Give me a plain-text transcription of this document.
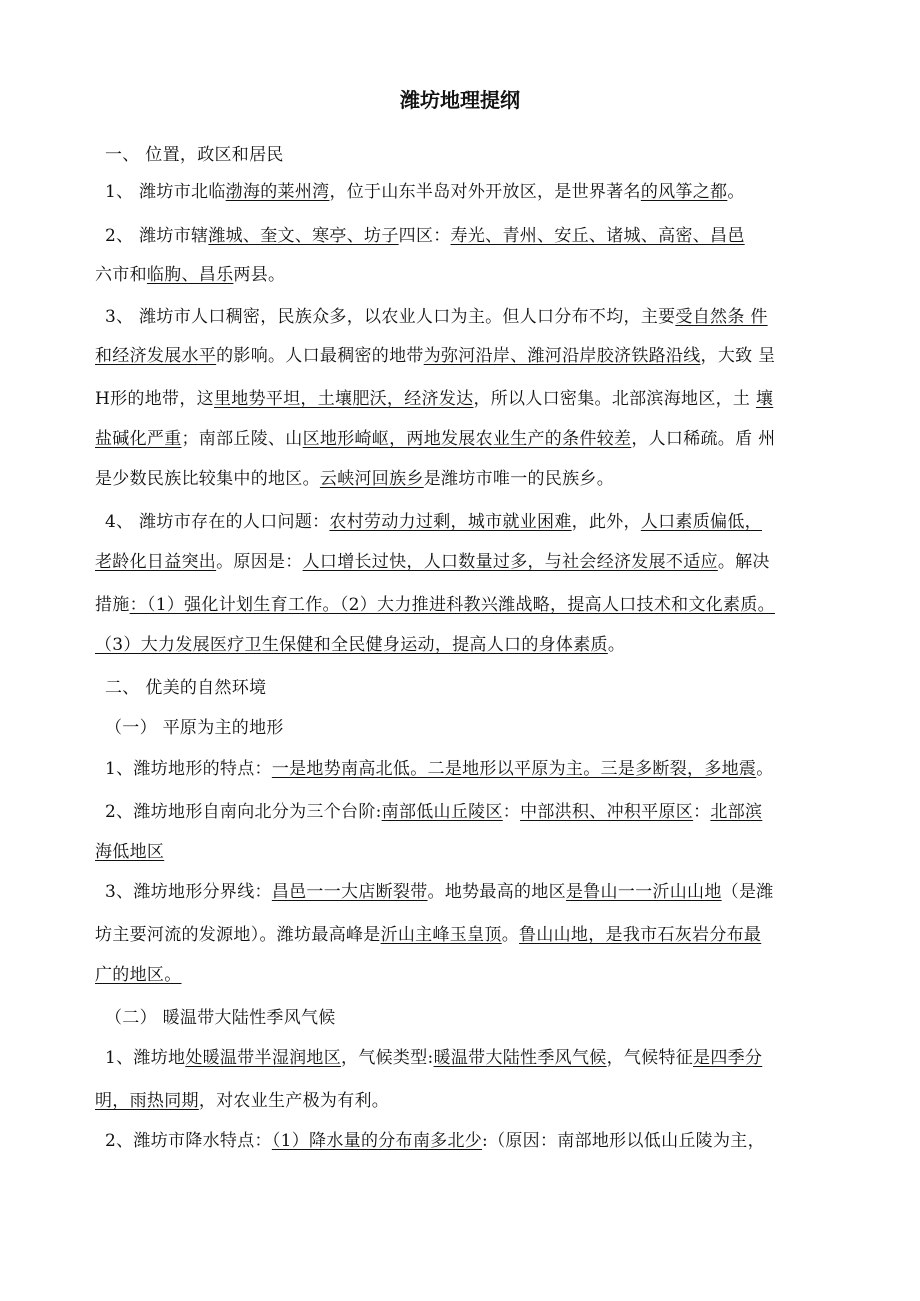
潍坊地理提纲
一、 位置，政区和居民
1、 潍坊市北临渤海的莱州湾，位于山东半岛对外开放区，是世界著名的风筝之都。
2、 潍坊市辖潍城、奎文、寒亭、坊子四区：寿光、青州、安丘、诸城、高密、昌邑
六市和临朐、昌乐两县。
3、 潍坊市人口稠密，民族众多，以农业人口为主。但人口分布不均，主要受自然条 件
和经济发展水平的影响。人口最稠密的地带为弥河沿岸、潍河沿岸胶济铁路沿线，大致 呈
H形的地带，这里地势平坦，土壤肥沃，经济发达，所以人口密集。北部滨海地区，土 壤
盐碱化严重；南部丘陵、山区地形崎岖，两地发展农业生产的条件较差，人口稀疏。盾 州
是少数民族比较集中的地区。云峡河回族乡是潍坊市唯一的民族乡。
4、 潍坊市存在的人口问题：农村劳动力过剩，城市就业困难，此外，人口素质偏低，
老龄化日益突出。原因是：人口增长过快，人口数量过多，与社会经济发展不适应。解决
措施：（1）强化计划生育工作。（2）大力推进科教兴潍战略，提高人口技术和文化素质。
（3）大力发展医疗卫生保健和全民健身运动，提高人口的身体素质。
二、 优美的自然环境
（一） 平原为主的地形
1、潍坊地形的特点：一是地势南高北低。二是地形以平原为主。三是多断裂，多地震。
2、潍坊地形自南向北分为三个台阶:南部低山丘陵区：中部洪积、冲积平原区：北部滨
海低地区
3、潍坊地形分界线：昌邑一一大店断裂带。地势最高的地区是鲁山一一沂山山地（是潍
坊主要河流的发源地）。潍坊最高峰是沂山主峰玉皇顶。鲁山山地，是我市石灰岩分布最
广的地区。
（二） 暖温带大陆性季风气候
1、潍坊地处暖温带半湿润地区，气候类型:暖温带大陆性季风气候，气候特征是四季分
明，雨热同期，对农业生产极为有利。
2、潍坊市降水特点：（1）降水量的分布南多北少:（原因：南部地形以低山丘陵为主，
